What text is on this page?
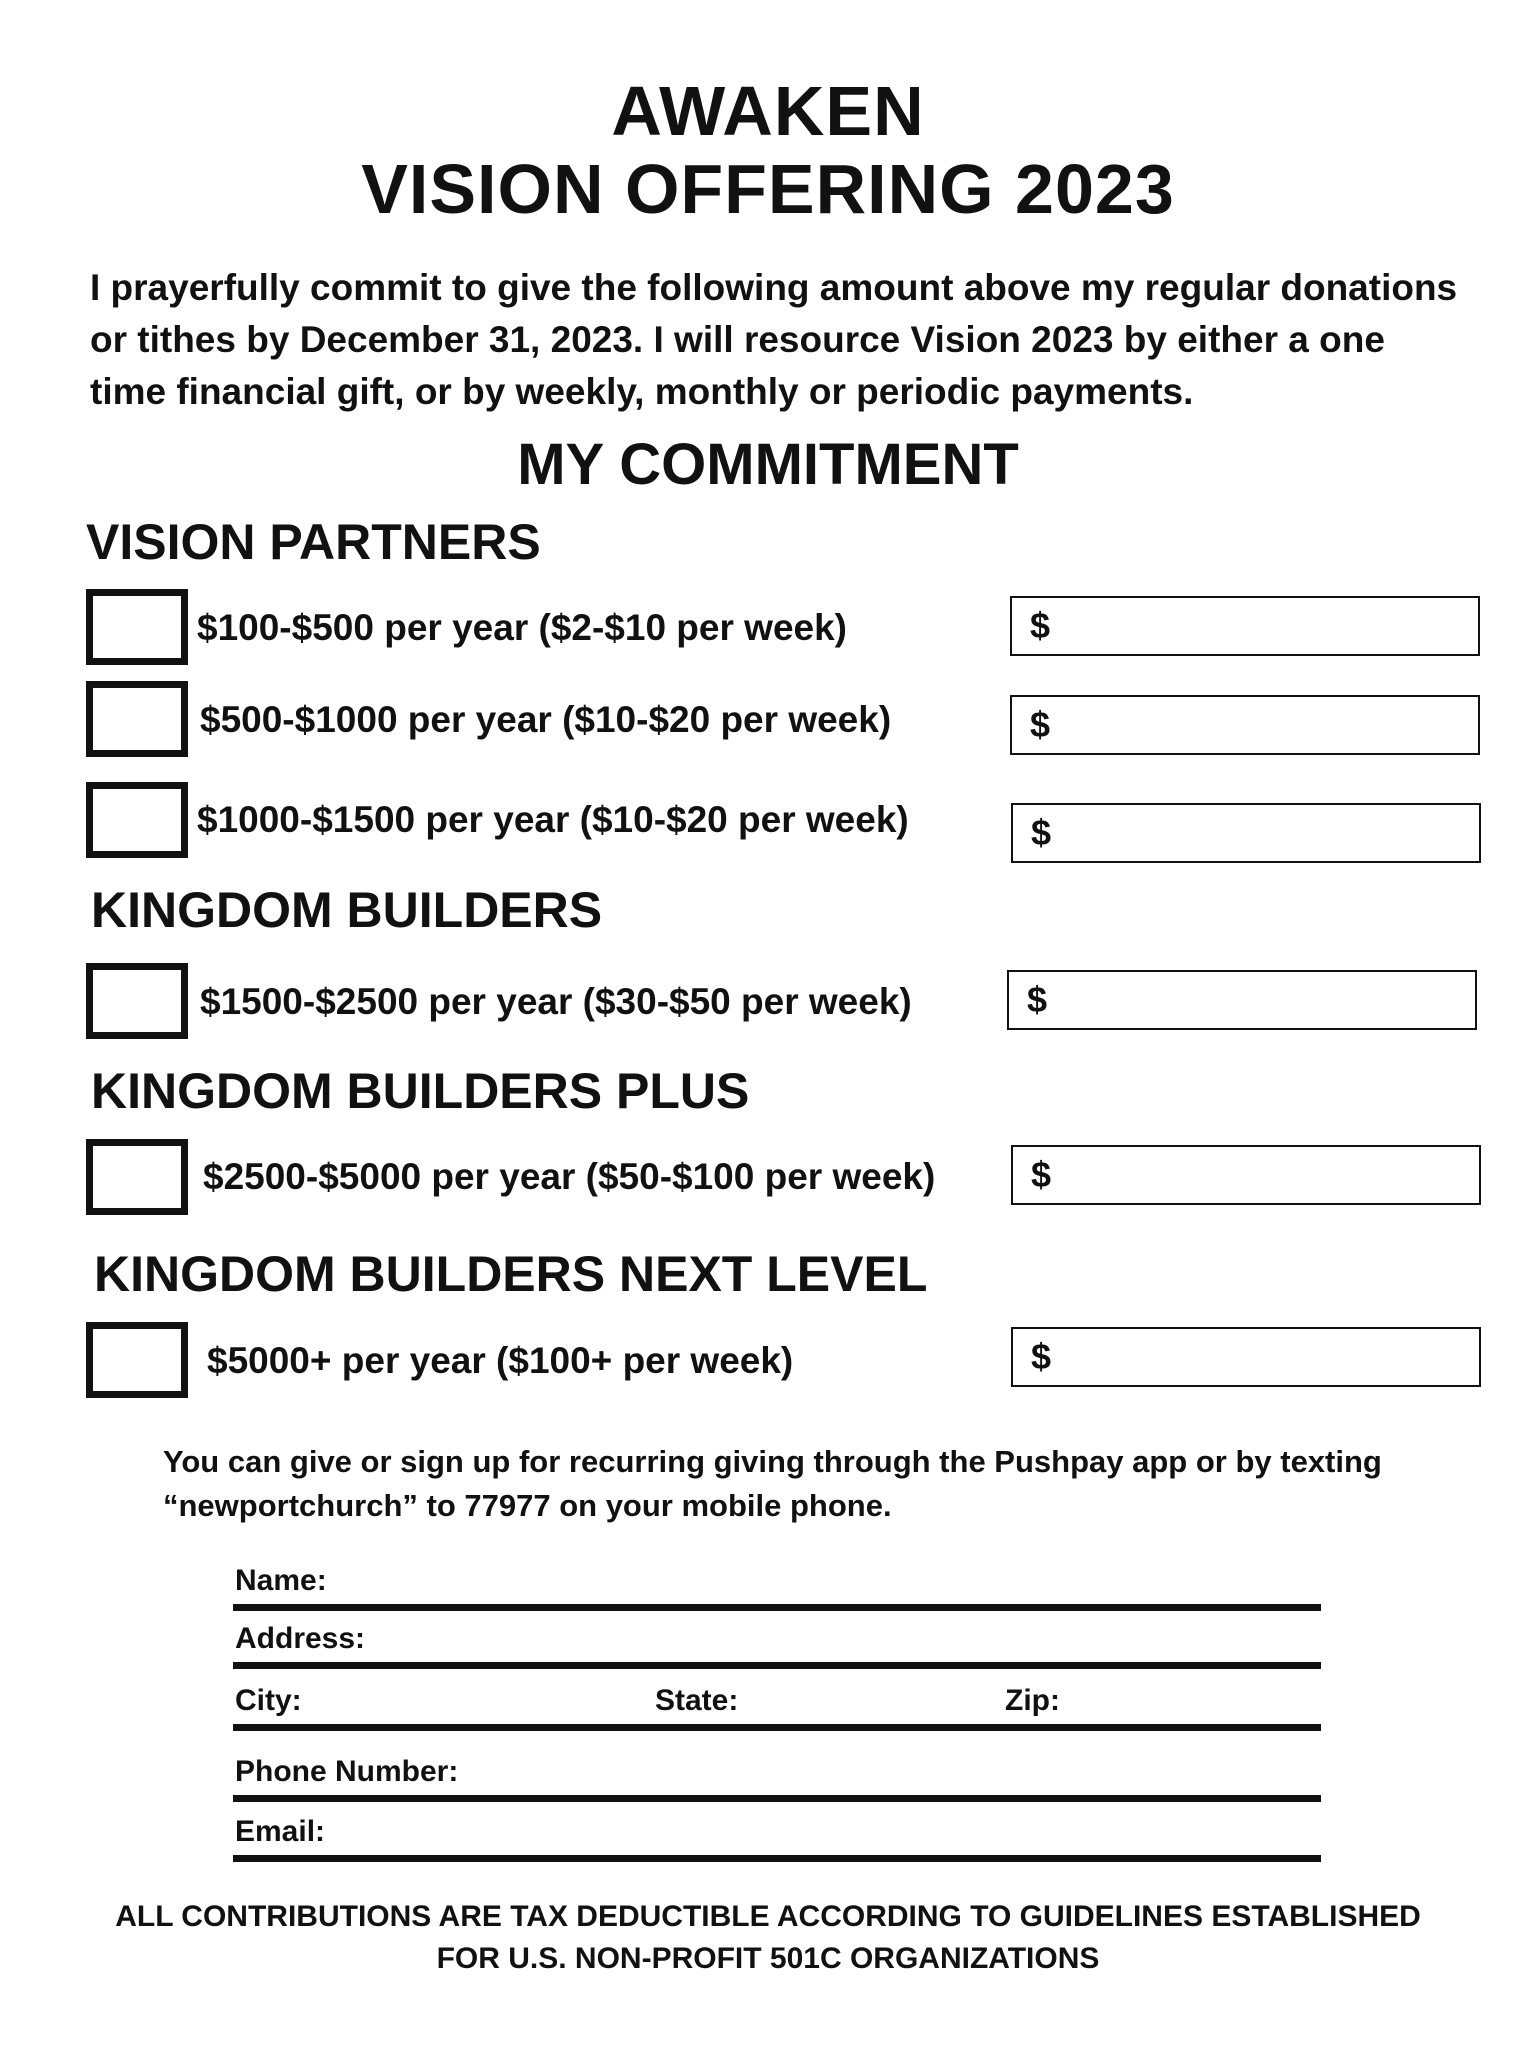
AWAKEN
VISION OFFERING 2023
I prayerfully commit to give the following amount above my regular donations or tithes by December 31, 2023. I will resource Vision 2023 by either a one time financial gift, or by weekly, monthly or periodic payments.
MY COMMITMENT
VISION PARTNERS
$100-$500 per year ($2-$10 per week)	$
$500-$1000 per year ($10-$20 per week)	$
$1000-$1500 per year ($10-$20 per week)	$
KINGDOM BUILDERS
$1500-$2500 per year ($30-$50 per week)	$
KINGDOM BUILDERS PLUS
$2500-$5000 per year ($50-$100 per week)	$
KINGDOM BUILDERS NEXT LEVEL
$5000+ per year ($100+ per week)	$
You can give or sign up for recurring giving through the Pushpay app or by texting “newportchurch” to 77977 on your mobile phone.
Name:
Address:
City:	State:	Zip:
Phone Number:
Email:
ALL CONTRIBUTIONS ARE TAX DEDUCTIBLE ACCORDING TO GUIDELINES ESTABLISHED
FOR U.S. NON-PROFIT 501C ORGANIZATIONS
